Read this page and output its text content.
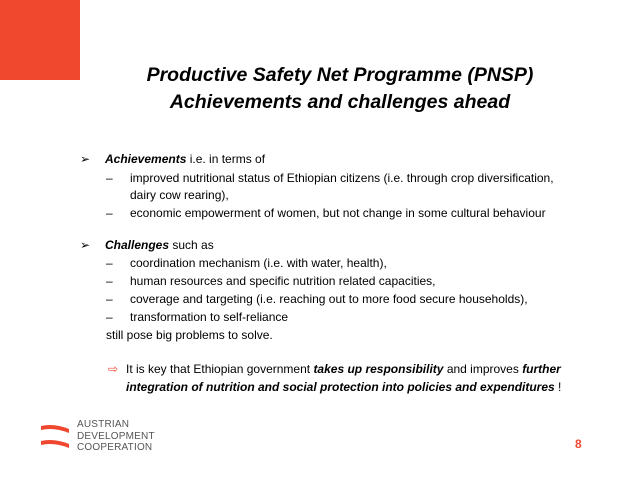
Productive Safety Net Programme (PNSP)
Achievements and challenges ahead
➢ Achievements i.e. in terms of
– improved nutritional status of Ethiopian citizens (i.e. through crop diversification,
dairy cow rearing),
– economic empowerment of women, but not change in some cultural behaviour
➢ Challenges such as
– coordination mechanism (i.e. with water, health),
– human resources and specific nutrition related capacities,
– coverage and targeting (i.e. reaching out to more food secure households),
– transformation to self-reliance
still pose big problems to solve.
⇨ It is key that Ethiopian government takes up responsibility and improves further
integration of nutrition and social protection into policies and expenditures !
AUSTRIAN
DEVELOPMENT
COOPERATION	8
